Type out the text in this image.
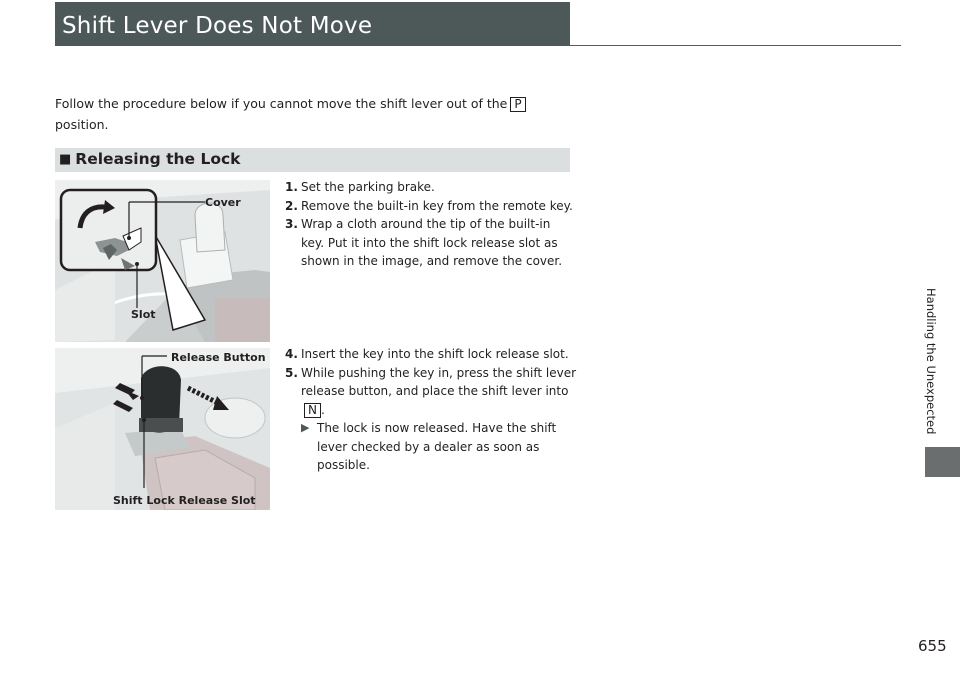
Shift Lever Does Not Move
Follow the procedure below if you cannot move the shift lever out of the P
position.
■ Releasing the Lock
Cover
Slot
1. Set the parking brake.
2. Remove the built-in key from the remote key.
3. Wrap a cloth around the tip of the built-in key. Put it into the shift lock release slot as shown in the image, and remove the cover.
Release Button
Shift Lock Release Slot
4. Insert the key into the shift lock release slot.
5. While pushing the key in, press the shift lever release button, and place the shift lever intoN .
▶ The lock is now released. Have the shift lever checked by a dealer as soon as possible.
Handling the Unexpected
655
